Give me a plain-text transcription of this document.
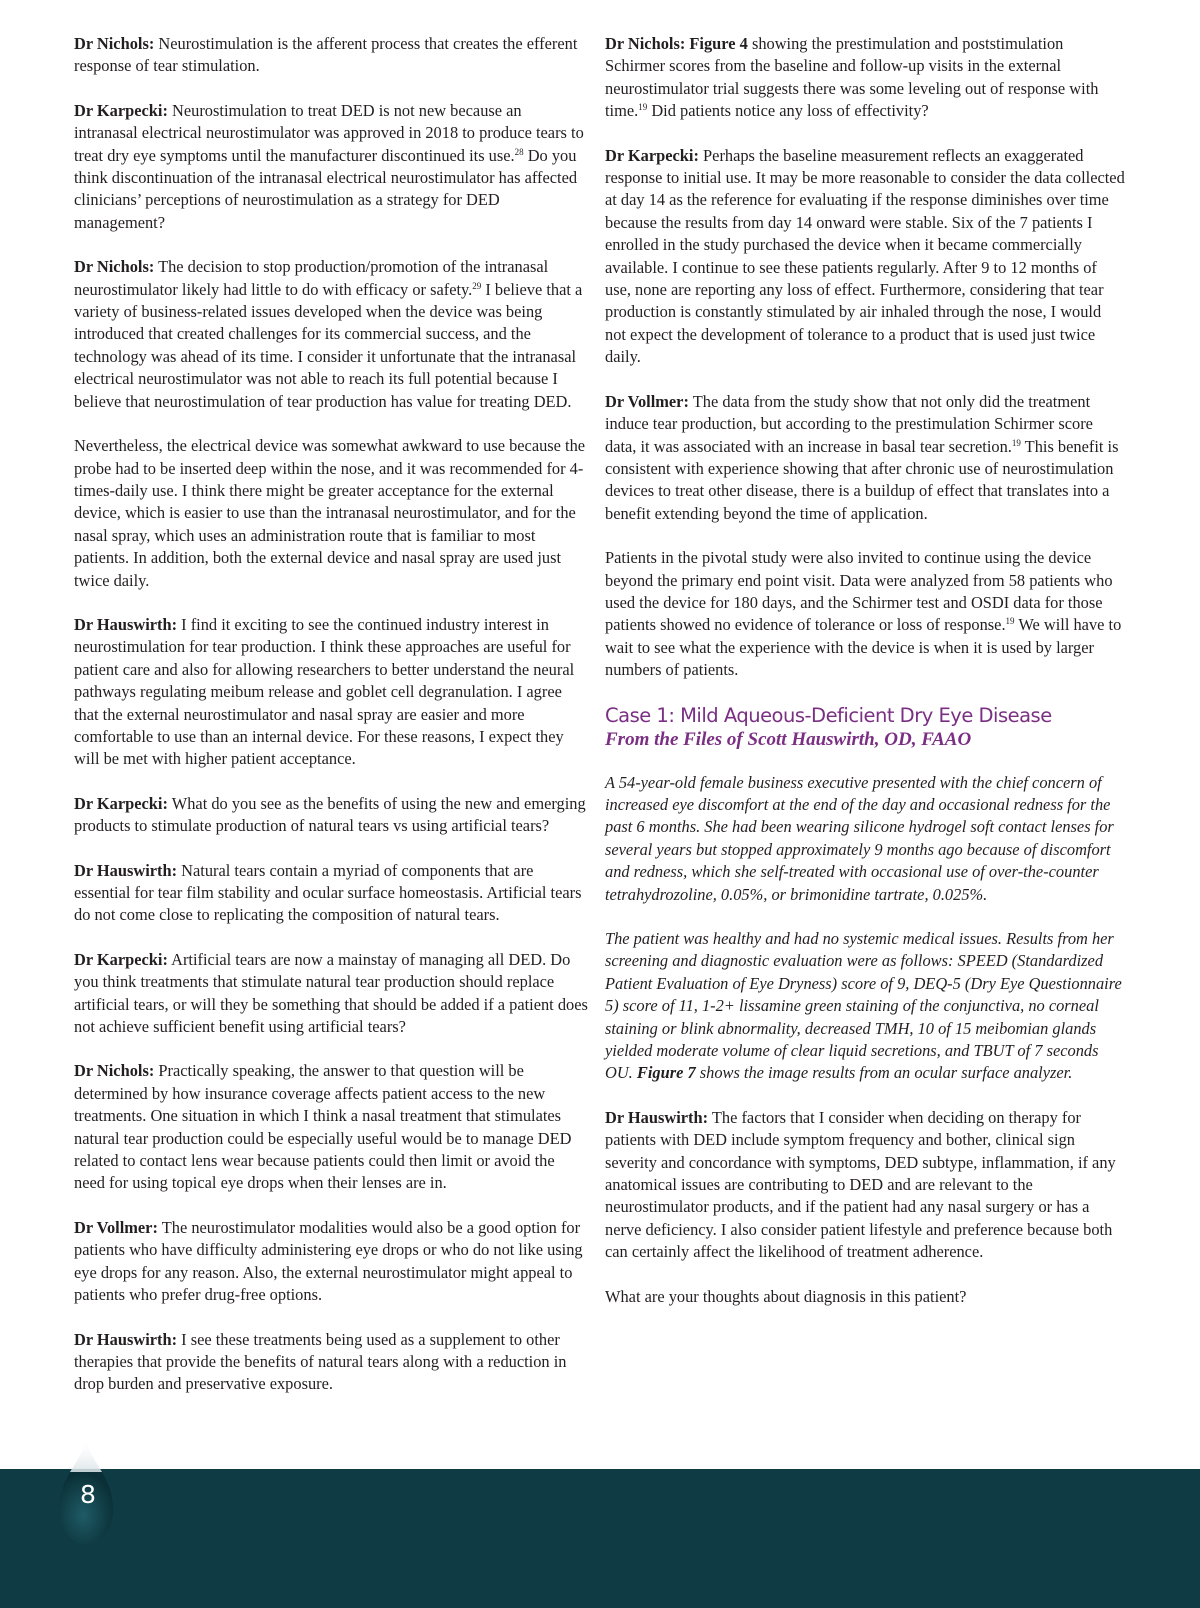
Dr Nichols: Neurostimulation is the afferent process that creates the efferent response of tear stimulation.

Dr Karpecki: Neurostimulation to treat DED is not new because an intranasal electrical neurostimulator was approved in 2018 to produce tears to treat dry eye symptoms until the manufacturer discontinued its use.$^{28}$ Do you think discontinuation of the intranasal electrical neurostimulator has affected clinicians’ perceptions of neurostimulation as a strategy for DED management?

Dr Nichols: The decision to stop production/promotion of the intranasal neurostimulator likely had little to do with efficacy or safety.$^{29}$ I believe that a variety of business-related issues developed when the device was being introduced that created challenges for its commercial success, and the technology was ahead of its time. I consider it unfortunate that the intranasal electrical neurostimulator was not able to reach its full potential because I believe that neurostimulation of tear production has value for treating DED.

Nevertheless, the electrical device was somewhat awkward to use because the probe had to be inserted deep within the nose, and it was recommended for 4-times-daily use. I think there might be greater acceptance for the external device, which is easier to use than the intranasal neurostimulator, and for the nasal spray, which uses an administration route that is familiar to most patients. In addition, both the external device and nasal spray are used just twice daily.

Dr Hauswirth: I find it exciting to see the continued industry interest in neurostimulation for tear production. I think these approaches are useful for patient care and also for allowing researchers to better understand the neural pathways regulating meibum release and goblet cell degranulation. I agree that the external neurostimulator and nasal spray are easier and more comfortable to use than an internal device. For these reasons, I expect they will be met with higher patient acceptance.

Dr Karpecki: What do you see as the benefits of using the new and emerging products to stimulate production of natural tears vs using artificial tears?

Dr Hauswirth: Natural tears contain a myriad of components that are essential for tear film stability and ocular surface homeostasis. Artificial tears do not come close to replicating the composition of natural tears.

Dr Karpecki: Artificial tears are now a mainstay of managing all DED. Do you think treatments that stimulate natural tear production should replace artificial tears, or will they be something that should be added if a patient does not achieve sufficient benefit using artificial tears?

Dr Nichols: Practically speaking, the answer to that question will be determined by how insurance coverage affects patient access to the new treatments. One situation in which I think a nasal treatment that stimulates natural tear production could be especially useful would be to manage DED related to contact lens wear because patients could then limit or avoid the need for using topical eye drops when their lenses are in.

Dr Vollmer: The neurostimulator modalities would also be a good option for patients who have difficulty administering eye drops or who do not like using eye drops for any reason. Also, the external neurostimulator might appeal to patients who prefer drug-free options.

Dr Hauswirth: I see these treatments being used as a supplement to other therapies that provide the benefits of natural tears along with a reduction in drop burden and preservative exposure.

Dr Nichols: Figure 4 showing the prestimulation and poststimulation Schirmer scores from the baseline and follow-up visits in the external neurostimulator trial suggests there was some leveling out of response with time.$^{19}$ Did patients notice any loss of effectivity?

Dr Karpecki: Perhaps the baseline measurement reflects an exaggerated response to initial use. It may be more reasonable to consider the data collected at day 14 as the reference for evaluating if the response diminishes over time because the results from day 14 onward were stable. Six of the 7 patients I enrolled in the study purchased the device when it became commercially available. I continue to see these patients regularly. After 9 to 12 months of use, none are reporting any loss of effect. Furthermore, considering that tear production is constantly stimulated by air inhaled through the nose, I would not expect the development of tolerance to a product that is used just twice daily.

Dr Vollmer: The data from the study show that not only did the treatment induce tear production, but according to the prestimulation Schirmer score data, it was associated with an increase in basal tear secretion.$^{19}$ This benefit is consistent with experience showing that after chronic use of neurostimulation devices to treat other disease, there is a buildup of effect that translates into a benefit extending beyond the time of application.

Patients in the pivotal study were also invited to continue using the device beyond the primary end point visit. Data were analyzed from 58 patients who used the device for 180 days, and the Schirmer test and OSDI data for those patients showed no evidence of tolerance or loss of response.$^{19}$ We will have to wait to see what the experience with the device is when it is used by larger numbers of patients.

Case 1: Mild Aqueous-Deficient Dry Eye Disease
From the Files of Scott Hauswirth, OD, FAAO

A 54-year-old female business executive presented with the chief concern of increased eye discomfort at the end of the day and occasional redness for the past 6 months. She had been wearing silicone hydrogel soft contact lenses for several years but stopped approximately 9 months ago because of discomfort and redness, which she self-treated with occasional use of over-the-counter tetrahydrozoline, 0.05%, or brimonidine tartrate, 0.025%.

The patient was healthy and had no systemic medical issues. Results from her screening and diagnostic evaluation were as follows: SPEED (Standardized Patient Evaluation of Eye Dryness) score of 9, DEQ-5 (Dry Eye Questionnaire 5) score of 11, 1-2+ lissamine green staining of the conjunctiva, no corneal staining or blink abnormality, decreased TMH, 10 of 15 meibomian glands yielded moderate volume of clear liquid secretions, and TBUT of 7 seconds OU. Figure 7 shows the image results from an ocular surface analyzer.

Dr Hauswirth: The factors that I consider when deciding on therapy for patients with DED include symptom frequency and bother, clinical sign severity and concordance with symptoms, DED subtype, inflammation, if any anatomical issues are contributing to DED and are relevant to the neurostimulator products, and if the patient had any nasal surgery or has a nerve deficiency. I also consider patient lifestyle and preference because both can certainly affect the likelihood of treatment adherence.

What are your thoughts about diagnosis in this patient?

8
